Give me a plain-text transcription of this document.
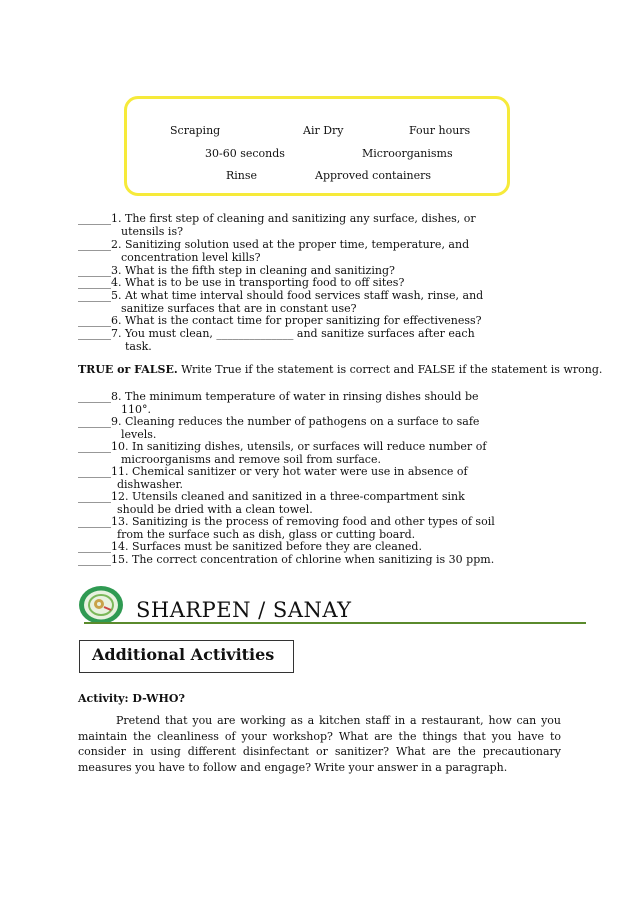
Scraping	Air Dry	Four hours
30-60 seconds	Microorganisms
Rinse	Approved containers
______1. The first step of cleaning and sanitizing any surface, dishes, or
utensils is?
______2. Sanitizing solution used at the proper time, temperature, and
concentration level kills?
______3. What is the fifth step in cleaning and sanitizing?
______4. What is to be use in transporting food to off sites?
______5. At what time interval should food services staff wash, rinse, and
sanitize surfaces that are in constant use?
______6. What is the contact time for proper sanitizing for effectiveness?
______7. You must clean, ______________ and sanitize surfaces after each
task.
TRUE or FALSE. Write True if the statement is correct and FALSE if the statement is wrong.
______8. The minimum temperature of water in rinsing dishes should be
110°.
______9. Cleaning reduces the number of pathogens on a surface to safe
levels.
______10. In sanitizing dishes, utensils, or surfaces will reduce number of
microorganisms and remove soil from surface.
______11. Chemical sanitizer or very hot water were use in absence of
dishwasher.
______12. Utensils cleaned and sanitized in a three-compartment sink
should be dried with a clean towel.
______13. Sanitizing is the process of removing food and other types of soil
from the surface such as dish, glass or cutting board.
______14. Surfaces must be sanitized before they are cleaned.
______15. The correct concentration of chlorine when sanitizing is 30 ppm.
SHARPEN / SANAY
Additional Activities
Activity: D-WHO?
Pretend that you are working as a kitchen staff in a restaurant, how can you maintain the cleanliness of your workshop? What are the things that you have to consider in using different disinfectant or sanitizer? What are the precautionary measures you have to follow and engage? Write your answer in a paragraph.
